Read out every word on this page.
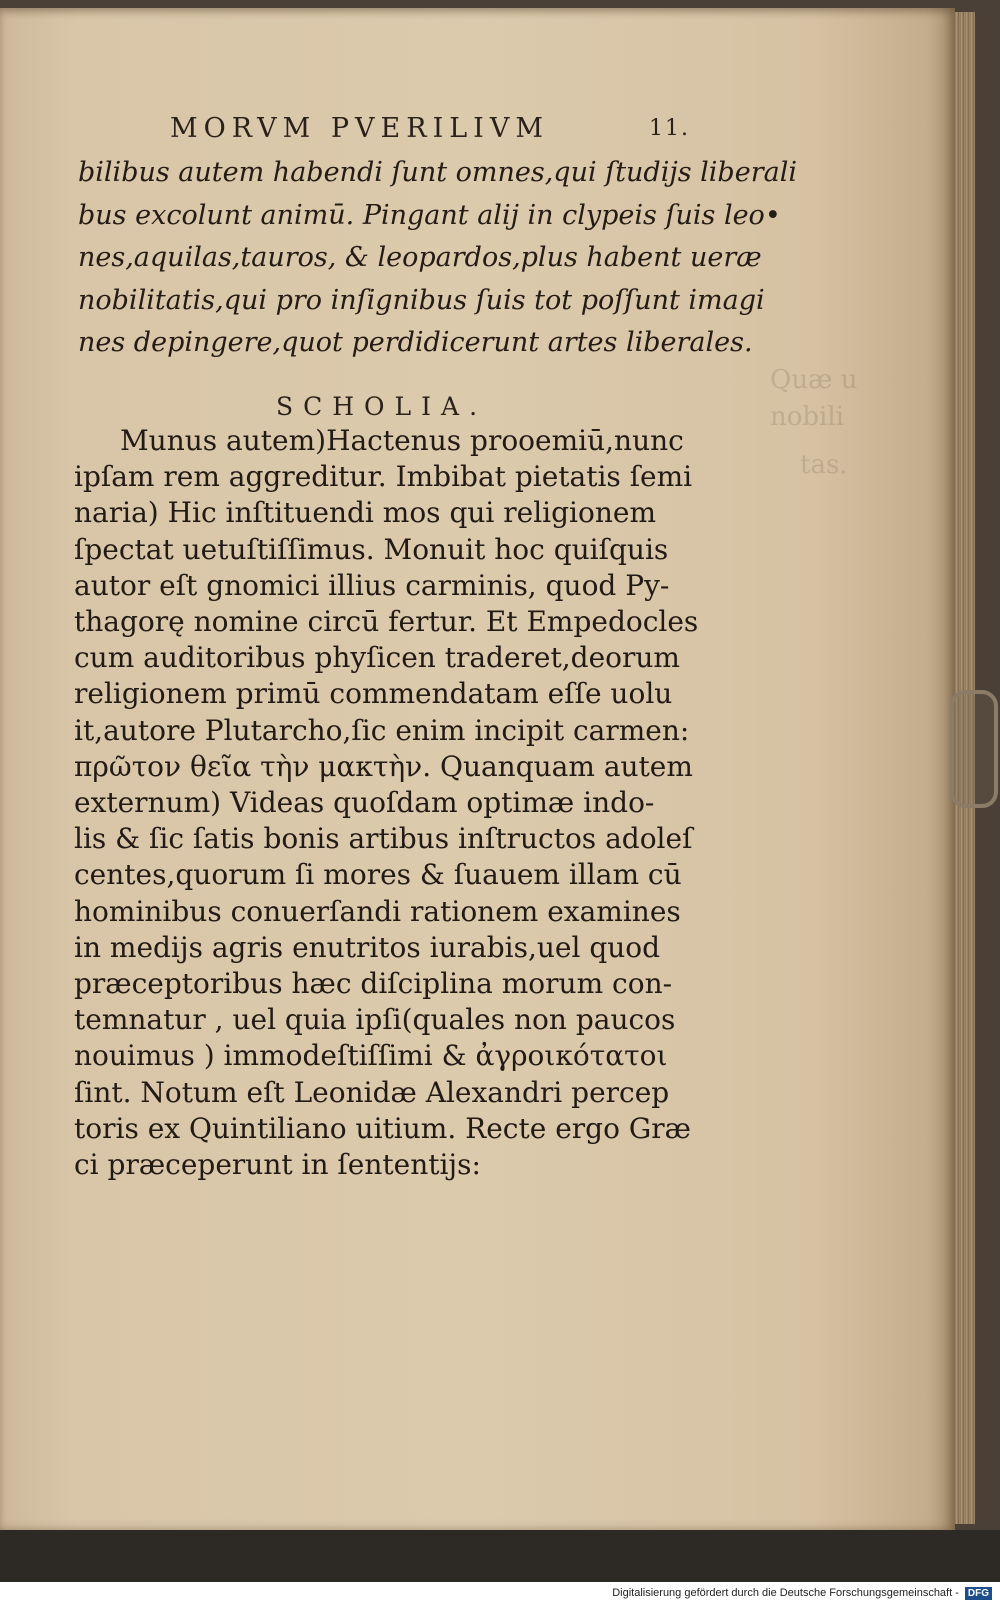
Quæ u
nobili
tas.
MORVM PVERILIVM	11.
bilibus autem habendi ſunt omnes,qui ſtudijs liberali
bus excolunt animū. Pingant alij in clypeis ſuis leo•
nes,aquilas,tauros, & leopardos,plus habent ueræ
nobilitatis,qui pro inſignibus ſuis tot poſſunt imagi
nes depingere,quot perdidicerunt artes liberales.
SCHOLIA.
Munus autem)Hactenus prooemiū,nunc
ipſam rem aggreditur. Imbibat pietatis ſemi
naria) Hic inſtituendi mos qui religionem
ſpectat uetuſtiſſimus. Monuit hoc quiſquis
autor eſt gnomici illius carminis, quod Py-
thagorę nomine circū fertur. Et Empedocles
cum auditoribus phyſicen traderet,deorum
religionem primū commendatam eſſe uolu
it,autore Plutarcho,ſic enim incipit carmen:
πρῶτον θεῖα τὴν μακτὴν. Quanquam autem
externum) Videas quoſdam optimæ indo-
lis & ſic ſatis bonis artibus inſtructos adoleſ
centes,quorum ſi mores & ſuauem illam cū
hominibus conuerſandi rationem examines
in medijs agris enutritos iurabis,uel quod
præceptoribus hæc diſciplina morum con-
temnatur , uel quia ipſi(quales non paucos
nouimus ) immodeſtiſſimi & ἀγροικότατοι
ſint. Notum eſt Leonidæ Alexandri percep
toris ex Quintiliano uitium. Recte ergo Græ
ci præceperunt in ſententijs:
Digitalisierung gefördert durch die Deutsche Forschungsgemeinschaft - DFG
